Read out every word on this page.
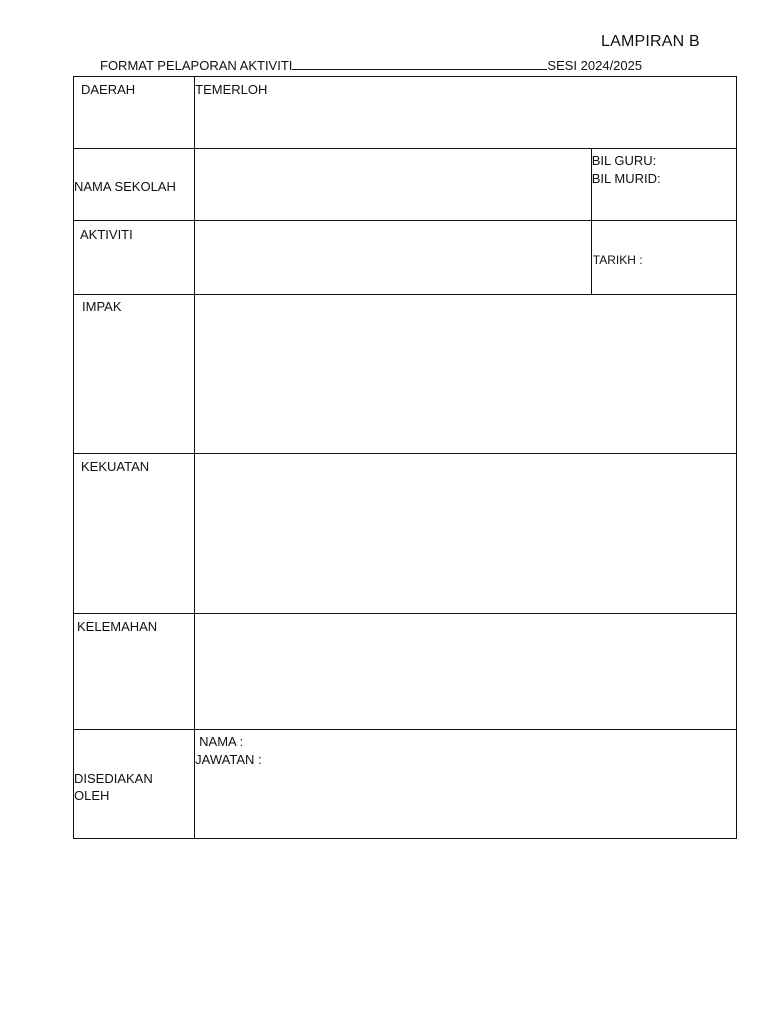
LAMPIRAN B
FORMAT PELAPORAN AKTIVITI	SESI 2024/2025
DAERAH	TEMERLOH	

NAMA SEKOLAH		BIL GURU:
BIL MURID:

AKTIVITI		TARIKH :

IMPAK		

KEKUATAN		

KELEMAHAN		

DISEDIAKAN
OLEH	NAMA :
JAWATAN :	
